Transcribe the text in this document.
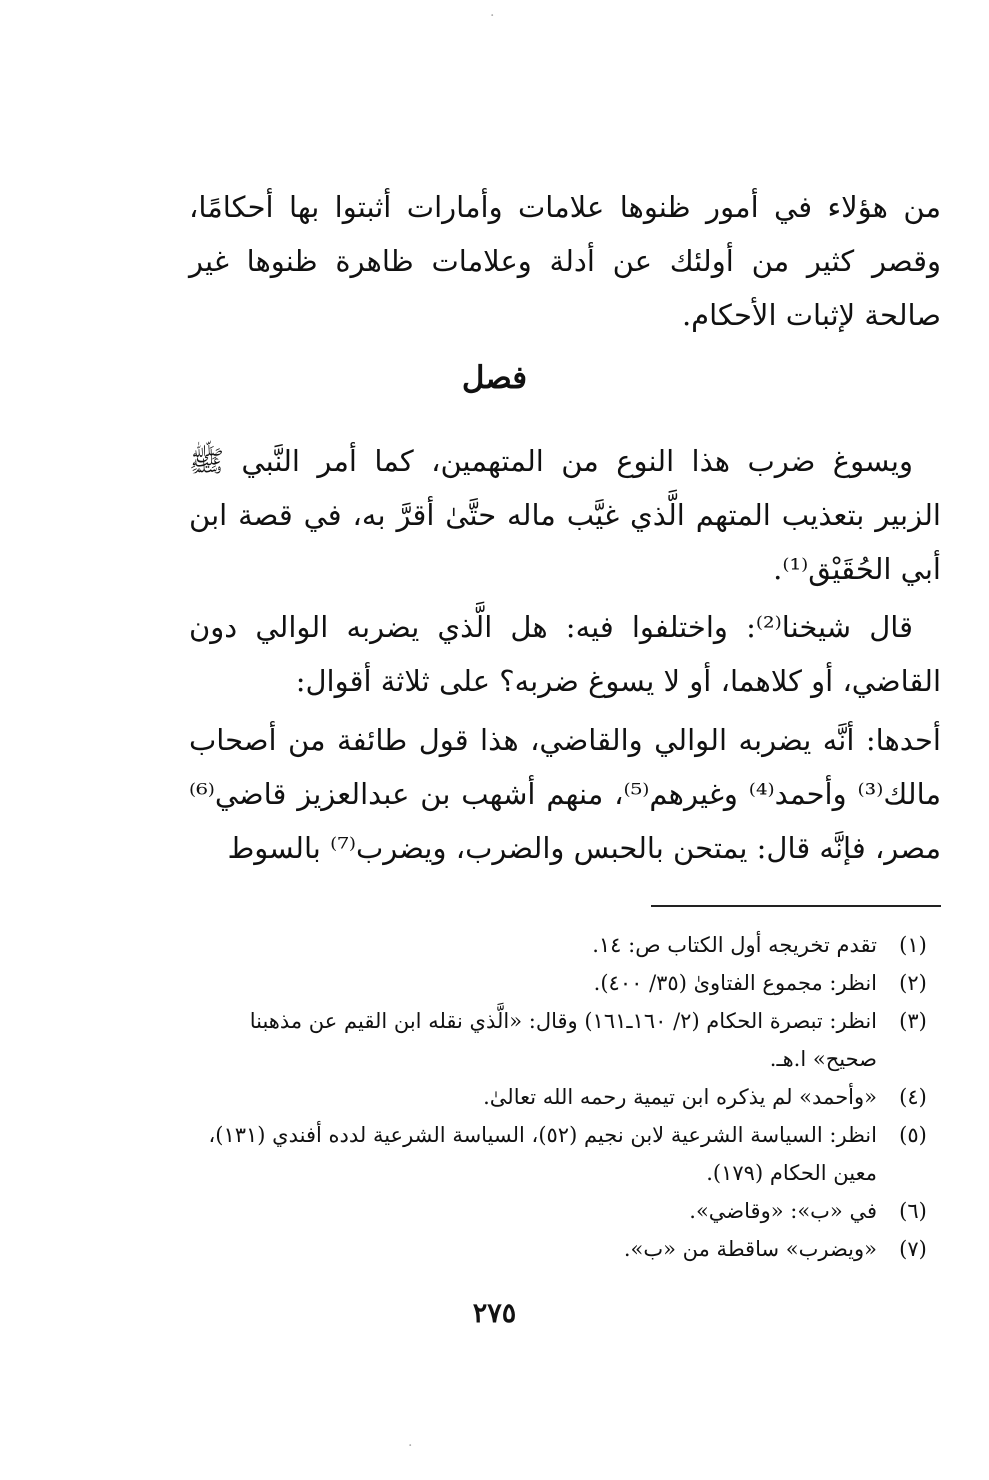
من هؤلاء في أمور ظنوها علامات وأمارات أثبتوا بها أحكامًا، وقصر كثير من أولئك عن أدلة وعلامات ظاهرة ظنوها غير صالحة لإثبات الأحكام.

فصل

ويسوغ ضرب هذا النوع من المتهمين، كما أمر النَّبي ﷺ الزبير بتعذيب المتهم الَّذي غيَّب ماله حتَّىٰ أقرَّ به، في قصة ابن أبي الحُقَيْق⁽¹⁾.

قال شيخنا⁽²⁾: واختلفوا فيه: هل الَّذي يضربه الوالي دون القاضي، أو كلاهما، أو لا يسوغ ضربه؟ على ثلاثة أقوال:

أحدها: أنَّه يضربه الوالي والقاضي، هذا قول طائفة من أصحاب مالك⁽³⁾ وأحمد⁽⁴⁾ وغيرهم⁽⁵⁾، منهم أشهب بن عبدالعزيز قاضي⁽⁶⁾ مصر، فإنَّه قال: يمتحن بالحبس والضرب، ويضرب⁽⁷⁾ بالسوط

(١)
تقدم تخريجه أول الكتاب ص: ١٤.
(٢)
انظر: مجموع الفتاوىٰ (٣٥/ ٤٠٠).
(٣)
انظر: تبصرة الحكام (٢/ ١٦٠ـ١٦١) وقال: «الَّذي نقله ابن القيم عن مذهبنا صحيح» ا.هـ.
(٤)
«وأحمد» لم يذكره ابن تيمية رحمه الله تعالىٰ.
(٥)
انظر: السياسة الشرعية لابن نجيم (٥٢)، السياسة الشرعية لدده أفندي (١٣١)، معين الحكام (١٧٩).
(٦)
في «ب»: «وقاضي».
(٧)
«ويضرب» ساقطة من «ب».
٢٧٥
·
·
